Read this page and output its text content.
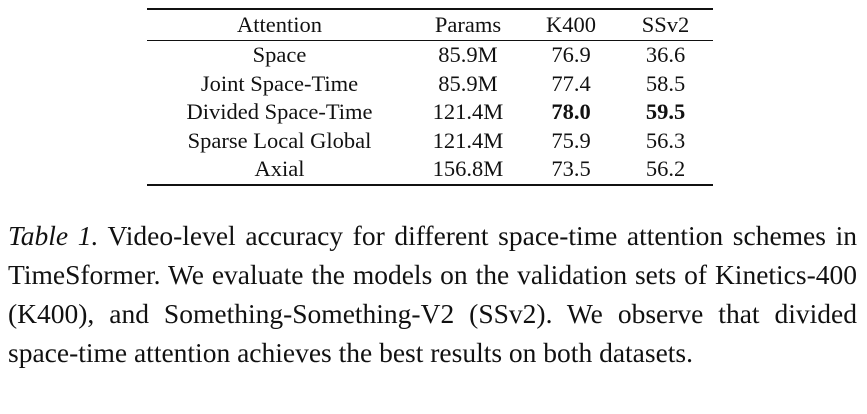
Attention	Params	K400	SSv2

Space	85.9M	76.9	36.6
Joint Space-Time	85.9M	77.4	58.5
Divided Space-Time	121.4M	78.0	59.5
Sparse Local Global	121.4M	75.9	56.3
Axial	156.8M	73.5	56.2

Table 1. Video-level accuracy for different space-time attention schemes in TimeSformer. We evaluate the models on the validation sets of Kinetics-400 (K400), and Something-Something-V2 (SSv2). We observe that divided space-time attention achieves the best results on both datasets.
